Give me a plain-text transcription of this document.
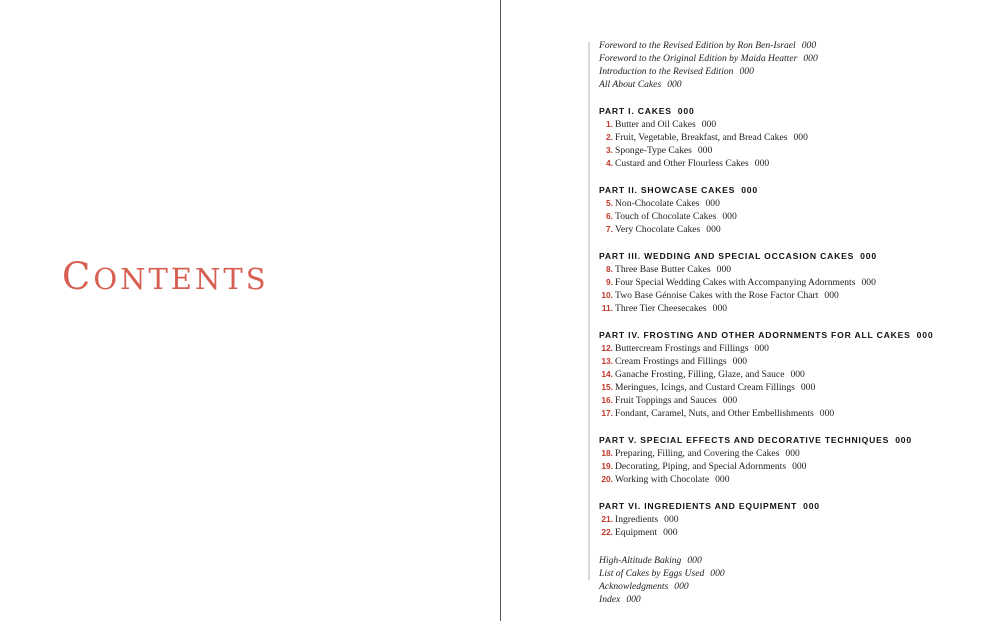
CONTENTS
Foreword to the Revised Edition by Ron Ben-Israel 000
Foreword to the Original Edition by Maida Heatter 000
Introduction to the Revised Edition 000
All About Cakes 000
PART I. CAKES 000
1. Butter and Oil Cakes 000
2. Fruit, Vegetable, Breakfast, and Bread Cakes 000
3. Sponge-Type Cakes 000
4. Custard and Other Flourless Cakes 000
PART II. SHOWCASE CAKES 000
5. Non-Chocolate Cakes 000
6. Touch of Chocolate Cakes 000
7. Very Chocolate Cakes 000
PART III. WEDDING AND SPECIAL OCCASION CAKES 000
8. Three Base Butter Cakes 000
9. Four Special Wedding Cakes with Accompanying Adornments 000
10. Two Base Génoise Cakes with the Rose Factor Chart 000
11. Three Tier Cheesecakes 000
PART IV. FROSTING AND OTHER ADORNMENTS FOR ALL CAKES 000
12. Buttercream Frostings and Fillings 000
13. Cream Frostings and Fillings 000
14. Ganache Frosting, Filling, Glaze, and Sauce 000
15. Meringues, Icings, and Custard Cream Fillings 000
16. Fruit Toppings and Sauces 000
17. Fondant, Caramel, Nuts, and Other Embellishments 000
PART V. SPECIAL EFFECTS AND DECORATIVE TECHNIQUES 000
18. Preparing, Filling, and Covering the Cakes 000
19. Decorating, Piping, and Special Adornments 000
20. Working with Chocolate 000
PART VI. INGREDIENTS AND EQUIPMENT 000
21. Ingredients 000
22. Equipment 000
High-Altitude Baking 000
List of Cakes by Eggs Used 000
Acknowledgments 000
Index 000
